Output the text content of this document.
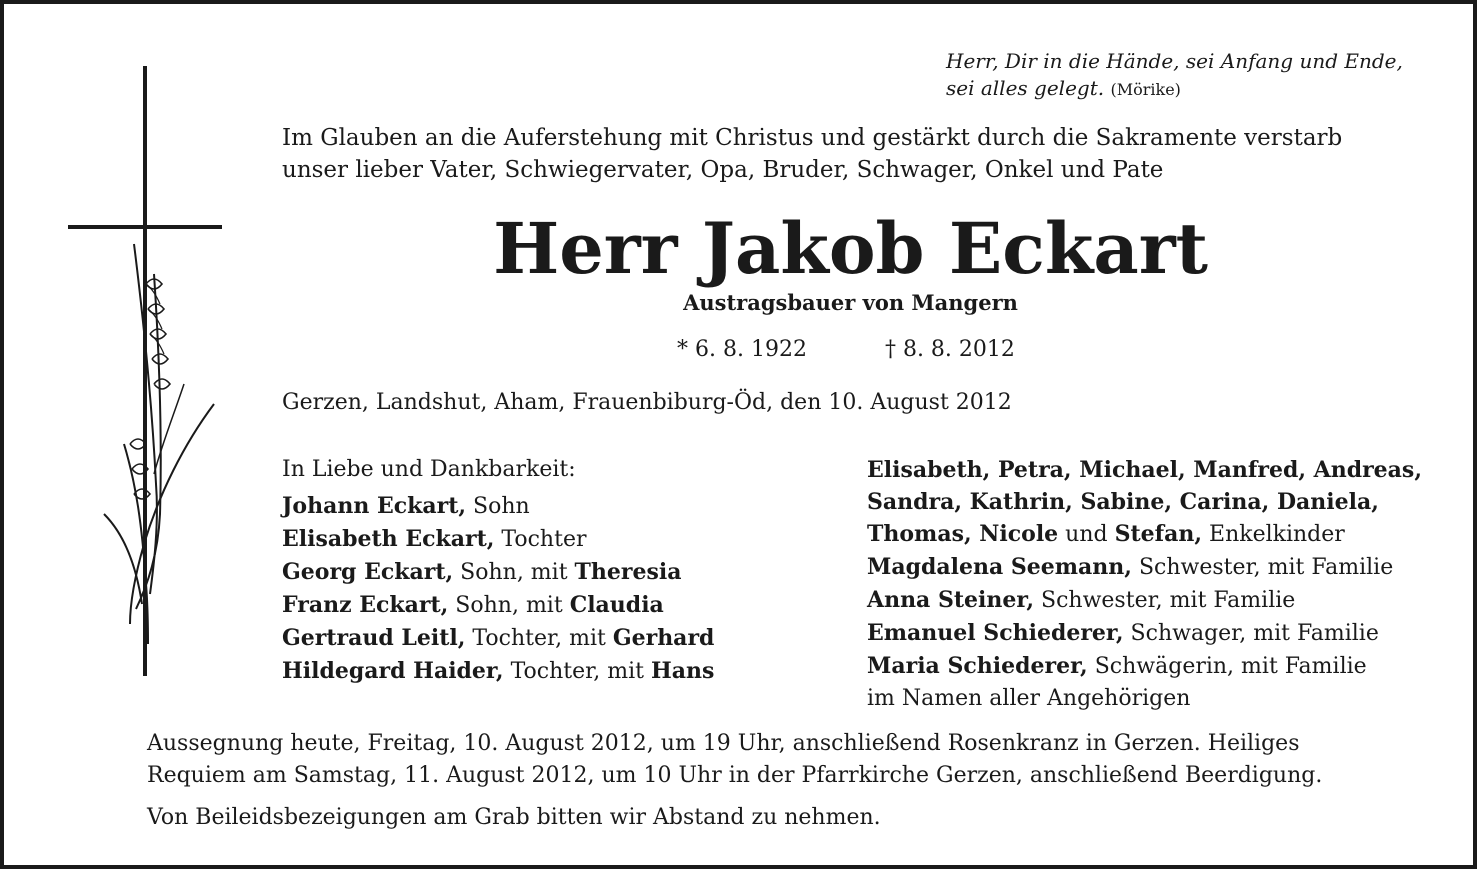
Herr, Dir in die Hände, sei Anfang und Ende,
sei alles gelegt. (Mörike)
Im Glauben an die Auferstehung mit Christus und gestärkt durch die Sakramente verstarb
unser lieber Vater, Schwiegervater, Opa, Bruder, Schwager, Onkel und Pate
Herr Jakob Eckart
Austragsbauer von Mangern
* 6. 8. 1922	† 8. 8. 2012
Gerzen, Landshut, Aham, Frauenbiburg-Öd, den 10. August 2012
In Liebe und Dankbarkeit:
Johann Eckart, Sohn
Elisabeth Eckart, Tochter
Georg Eckart, Sohn, mit Theresia
Franz Eckart, Sohn, mit Claudia
Gertraud Leitl, Tochter, mit Gerhard
Hildegard Haider, Tochter, mit Hans
Elisabeth, Petra, Michael, Manfred, Andreas,
Sandra, Kathrin, Sabine, Carina, Daniela,
Thomas, Nicole und Stefan, Enkelkinder
Magdalena Seemann, Schwester, mit Familie
Anna Steiner, Schwester, mit Familie
Emanuel Schiederer, Schwager, mit Familie
Maria Schiederer, Schwägerin, mit Familie
im Namen aller Angehörigen
Aussegnung heute, Freitag, 10. August 2012, um 19 Uhr, anschließend Rosenkranz in Gerzen. Heiliges
Requiem am Samstag, 11. August 2012, um 10 Uhr in der Pfarrkirche Gerzen, anschließend Beerdigung.
Von Beileidsbezeigungen am Grab bitten wir Abstand zu nehmen.
